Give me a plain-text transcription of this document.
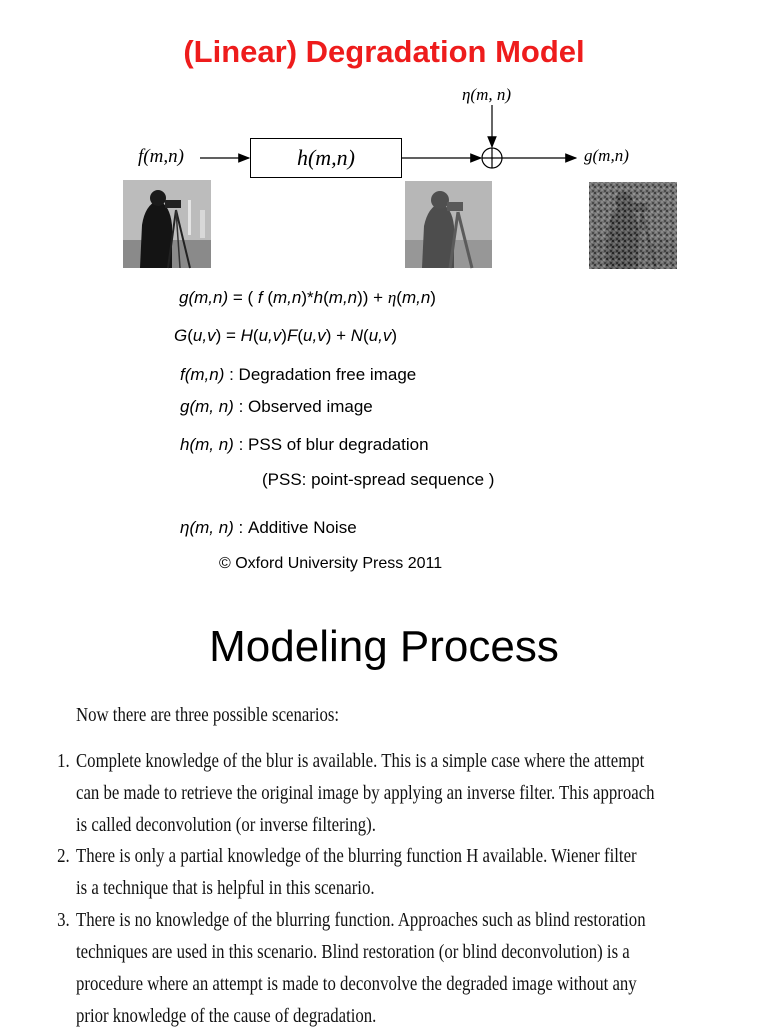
(Linear) Degradation Model
f(m,n)	h(m,n)
η(m, n)
g(m,n)
g(m,n) = ( f (m,n)*h(m,n)) + η(m,n)
G(u,v) = H(u,v)F(u,v) + N(u,v)
f(m,n) : Degradation free image
g(m, n) : Observed image
h(m, n) : PSS of blur degradation
(PSS: point-spread sequence )
η(m, n) : Additive Noise
© Oxford University Press 2011
Modeling Process
Now there are three possible scenarios:
1. Complete knowledge of the blur is available. This is a simple case where the attempt
can be made to retrieve the original image by applying an inverse filter. This approach
is called deconvolution (or inverse filtering).
2. There is only a partial knowledge of the blurring function H available. Wiener filter
is a technique that is helpful in this scenario.
3. There is no knowledge of the blurring function. Approaches such as blind restoration
techniques are used in this scenario. Blind restoration (or blind deconvolution) is a
procedure where an attempt is made to deconvolve the degraded image without any
prior knowledge of the cause of degradation.
